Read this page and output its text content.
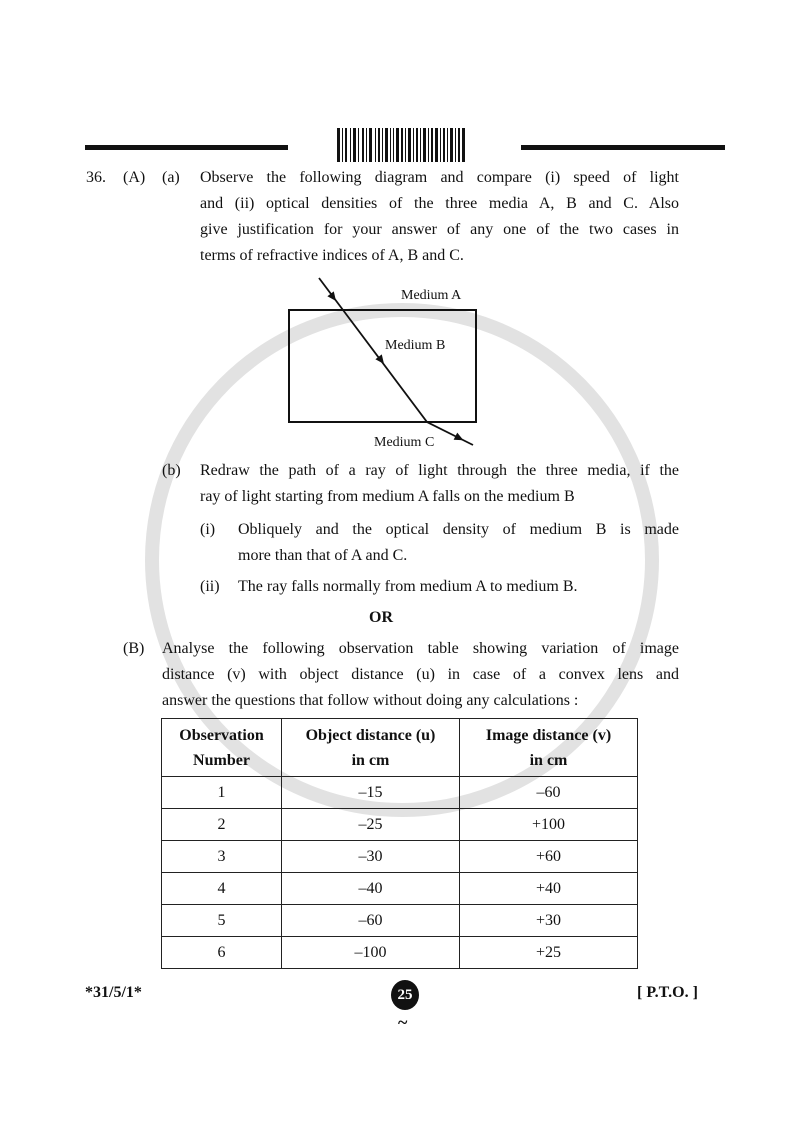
36. (A) (a) Observe the following diagram and compare (i) speed of light
and (ii) optical densities of the three media A, B and C. Also
give justification for your answer of any one of the two cases in
terms of refractive indices of A, B and C.
Medium A
Medium B
Medium C
(b) Redraw the path of a ray of light through the three media, if the
ray of light starting from medium A falls on the medium B
(i) Obliquely and the optical density of medium B is made
more than that of A and C.
(ii) The ray falls normally from medium A to medium B.
OR
(B) Analyse the following observation table showing variation of image
distance (v) with object distance (u) in case of a convex lens and
answer the questions that follow without doing any calculations :
Observation
Number	Object distance (u)
in cm	Image distance (v)
in cm
1	–15	–60
2	–25	+100
3	–30	+60
4	–40	+40
5	–60	+30
6	–100	+25
*31/5/1*	25
~
[ P.T.O. ]
